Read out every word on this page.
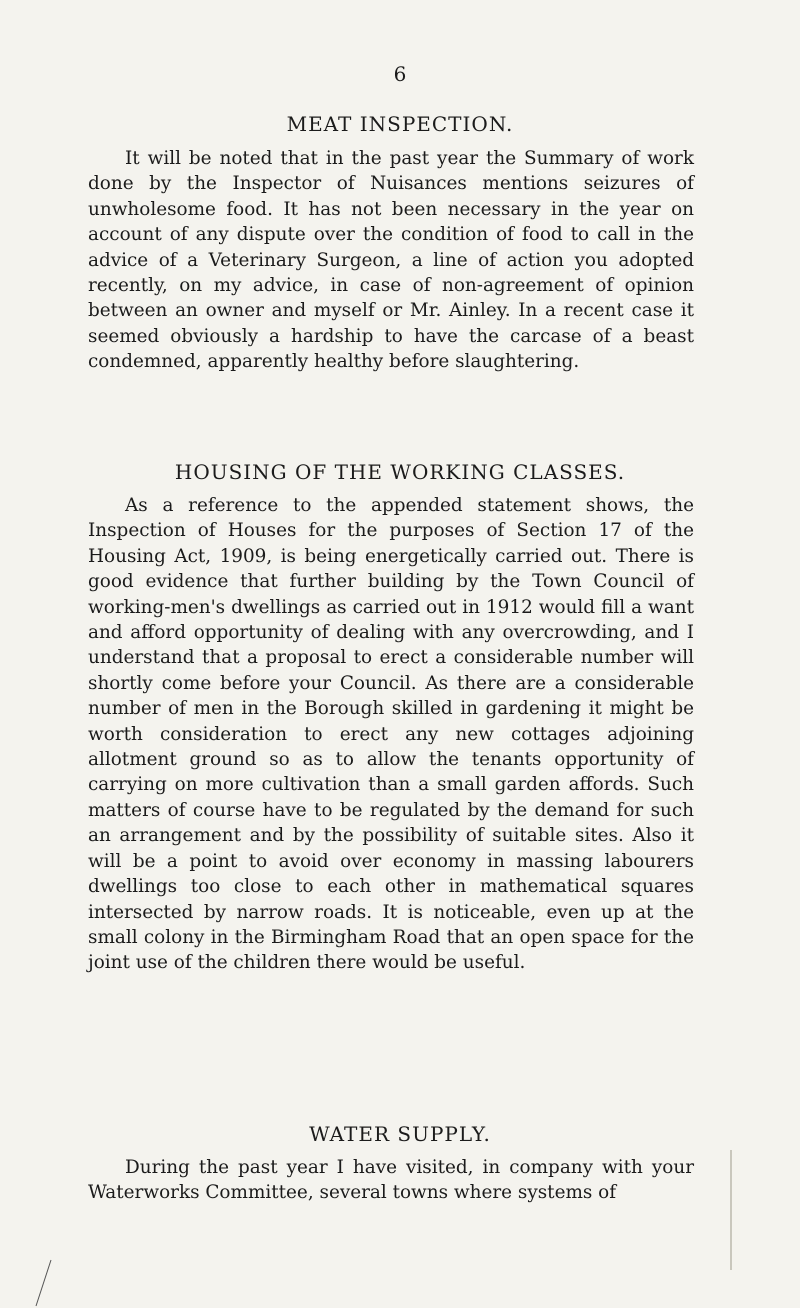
6
MEAT INSPECTION.

It will be noted that in the past year the Summary of work done by the Inspector of Nuisances mentions seizures of unwholesome food. It has not been necessary in the year on account of any dispute over the condition of food to call in the advice of a Veterinary Surgeon, a line of action you adopted recently, on my advice, in case of non-agreement of opinion between an owner and myself or Mr. Ainley. In a recent case it seemed obviously a hardship to have the carcase of a beast condemned, apparently healthy before slaughtering.

HOUSING OF THE WORKING CLASSES.

As a reference to the appended statement shows, the Inspection of Houses for the purposes of Section 17 of the Housing Act, 1909, is being energetically carried out. There is good evidence that further building by the Town Council of working-men's dwellings as carried out in 1912 would fill a want and afford opportunity of dealing with any overcrowding, and I understand that a proposal to erect a considerable number will shortly come before your Council. As there are a considerable number of men in the Borough skilled in gardening it might be worth consideration to erect any new cottages adjoining allotment ground so as to allow the tenants opportunity of carrying on more cultivation than a small garden affords. Such matters of course have to be regulated by the demand for such an arrangement and by the possibility of suitable sites. Also it will be a point to avoid over economy in massing labourers dwellings too close to each other in mathematical squares intersected by narrow roads. It is noticeable, even up at the small colony in the Birmingham Road that an open space for the joint use of the children there would be useful.

WATER SUPPLY.

During the past year I have visited, in company with your Waterworks Committee, several towns where systems of
